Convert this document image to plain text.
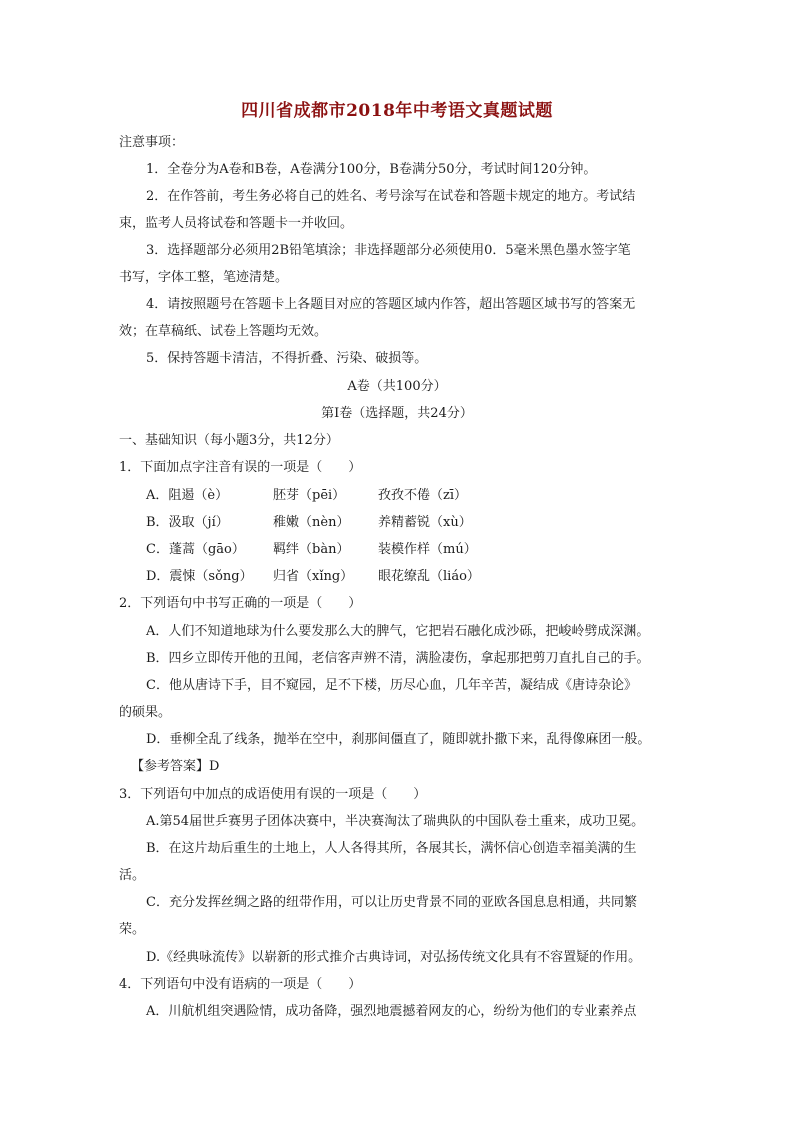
四川省成都市2018年中考语文真题试题
注意事项：
1．全卷分为A卷和B卷，A卷满分100分，B卷满分50分，考试时间120分钟。
2．在作答前，考生务必将自己的姓名、考号涂写在试卷和答题卡规定的地方。考试结
束，监考人员将试卷和答题卡一并收回。
3．选择题部分必须用2B铅笔填涂；非选择题部分必须使用0．5毫米黑色墨水签字笔
书写，字体工整，笔迹清楚。
4．请按照题号在答题卡上各题目对应的答题区域内作答，超出答题区域书写的答案无
效；在草稿纸、试卷上答题均无效。
5．保持答题卡清洁，不得折叠、污染、破损等。
A卷（共100分）
第Ⅰ卷（选择题，共24分）
一、基础知识（每小题3分，共12分）
1．下面加点字注音有误的一项是（　　）
A．阻遏（è）	胚芽（pēi）	孜孜不倦（zī）
B．汲取（jí）	稚嫩（nèn） 养精蓄锐（xù）
C．蓬蒿（gāo） 羁绊（bàn） 装模作样（mú）
D．震悚（sǒng） 归省（xǐng） 眼花缭乱（liáo）
2．下列语句中书写正确的一项是（　　）
A．人们不知道地球为什么要发那么大的脾气，它把岩石融化成沙砾，把峻岭劈成深渊。
B．四乡立即传开他的丑闻，老信客声辨不清，满脸凄伤，拿起那把剪刀直扎自己的手。
C．他从唐诗下手，目不窥园，足不下楼，历尽心血，几年辛苦，凝结成《唐诗杂论》
的硕果。
D．垂柳全乱了线条，抛举在空中，刹那间僵直了，随即就扑撒下来，乱得像麻团一般。
【参考答案】D
3．下列语句中加点的成语使用有误的一项是（　　）
A.第54届世乒赛男子团体决赛中，半决赛淘汰了瑞典队的中国队卷土重来，成功卫冕。
B．在这片劫后重生的土地上，人人各得其所，各展其长，满怀信心创造幸福美满的生
活。
C．充分发挥丝绸之路的纽带作用，可以让历史背景不同的亚欧各国息息相通，共同繁
荣。
D.《经典咏流传》以崭新的形式推介古典诗词，对弘扬传统文化具有不容置疑的作用。
4．下列语句中没有语病的一项是（　　）
A．川航机组突遇险情，成功备降，强烈地震撼着网友的心，纷纷为他们的专业素养点
